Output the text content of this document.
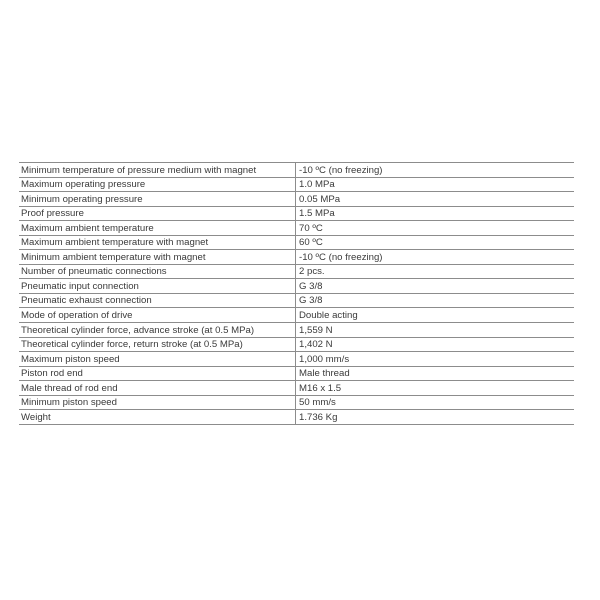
Minimum temperature of pressure medium with magnet	-10 ºC (no freezing)
Maximum operating pressure	1.0 MPa
Minimum operating pressure	0.05 MPa
Proof pressure	1.5 MPa
Maximum ambient temperature	70 ºC
Maximum ambient temperature with magnet	60 ºC
Minimum ambient temperature with magnet	-10 ºC (no freezing)
Number of pneumatic connections	2 pcs.
Pneumatic input connection	G 3/8
Pneumatic exhaust connection	G 3/8
Mode of operation of drive	Double acting
Theoretical cylinder force, advance stroke (at 0.5 MPa)	1,559 N
Theoretical cylinder force, return stroke (at 0.5 MPa)	1,402 N
Maximum piston speed	1,000 mm/s
Piston rod end	Male thread
Male thread of rod end	M16 x 1.5
Minimum piston speed	50 mm/s
Weight	1.736 Kg
